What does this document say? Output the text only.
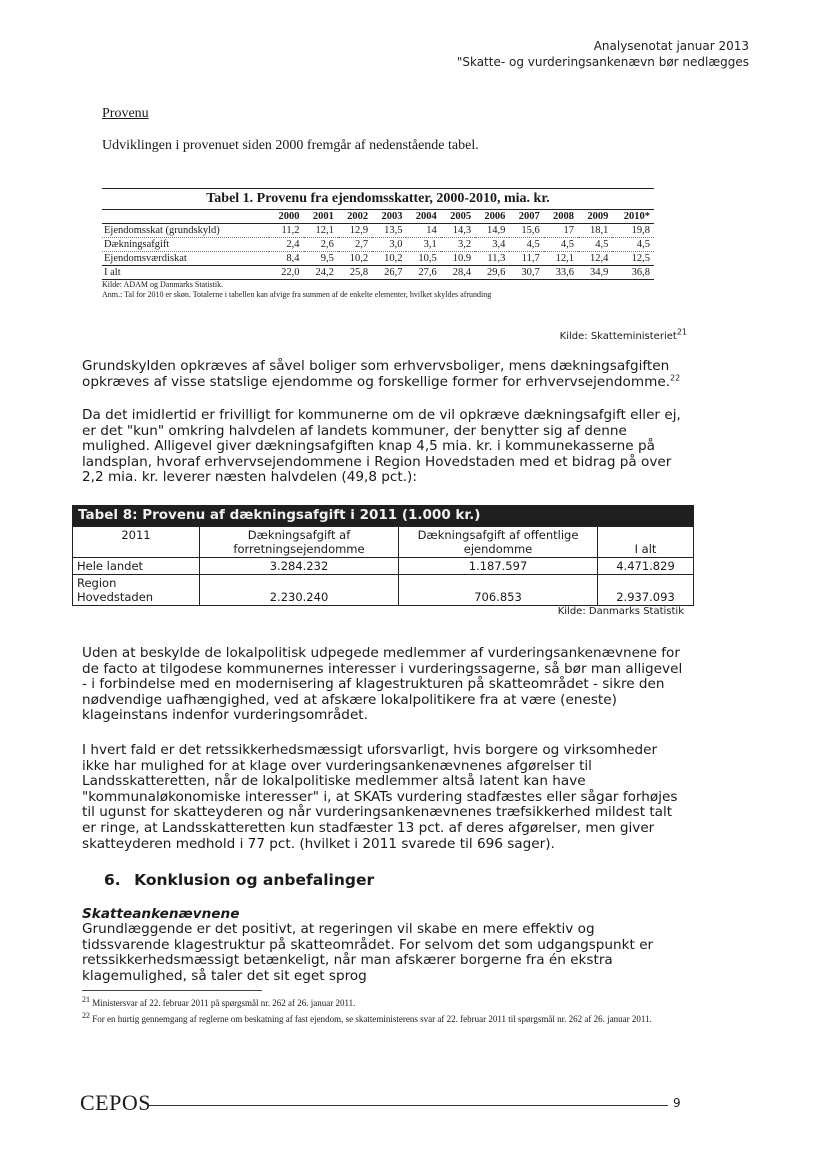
Analysenotat januar 2013
"Skatte- og vurderingsankenævn bør nedlægges
Provenu
Udviklingen i provenuet siden 2000 fremgår af nedenstående tabel.
Tabel 1. Provenu fra ejendomsskatter, 2000-2010, mia. kr.
	2000	2001	2002	2003	2004	2005	2006	2007	2008	2009	2010*
Ejendomsskat (grundskyld)	11,2	12,1	12,9	13,5	14	14,3	14,9	15,6	17	18,1	19,8
Dækningsafgift	2,4	2,6	2,7	3,0	3,1	3,2	3,4	4,5	4,5	4,5	4,5
Ejendomsværdiskat	8,4	9,5	10,2	10,2	10,5	10.9	11,3	11,7	12,1	12,4	12,5
I alt	22,0	24,2	25,8	26,7	27,6	28,4	29,6	30,7	33,6	34,9	36,8
Kilde: ADAM og Danmarks Statistik.
Anm.: Tal for 2010 er skøn. Totalerne i tabellen kan afvige fra summen af de enkelte elementer, hvilket skyldes afrunding
Kilde: Skatteministeriet$^{21}$
Grundskylden opkræves af såvel boliger som erhvervsboliger, mens dækningsafgiften opkræves af visse statslige ejendomme og forskellige former for erhvervsejendomme.$^{22}$
Da det imidlertid er frivilligt for kommunerne om de vil opkræve dækningsafgift eller ej, er det "kun" omkring halvdelen af landets kommuner, der benytter sig af denne mulighed. Alligevel giver dækningsafgiften knap 4,5 mia. kr. i kommunekasserne på landsplan, hvoraf erhvervsejendommene i Region Hovedstaden med et bidrag på over 2,2 mia. kr. leverer næsten halvdelen (49,8 pct.):
Tabel 8: Provenu af dækningsafgift i 2011 (1.000 kr.)
2011	Dækningsafgift af forretningsejendomme	Dækningsafgift af offentlige ejendomme	I alt
Hele landet	3.284.232	1.187.597	4.471.829
Region Hovedstaden	2.230.240	706.853	2.937.093
Kilde: Danmarks Statistik
Uden at beskylde de lokalpolitisk udpegede medlemmer af vurderingsankenævnene for de facto at tilgodese kommunernes interesser i vurderingssagerne, så bør man alligevel - i forbindelse med en modernisering af klagestrukturen på skatteområdet - sikre den nødvendige uafhængighed, ved at afskære lokalpolitikere fra at være (eneste) klageinstans indenfor vurderingsområdet.
I hvert fald er det retssikkerhedsmæssigt uforsvarligt, hvis borgere og virksomheder ikke har mulighed for at klage over vurderingsankenævnenes afgørelser til Landsskatteretten, når de lokalpolitiske medlemmer altså latent kan have "kommunaløkonomiske interesser" i, at SKATs vurdering stadfæstes eller sågar forhøjes til ugunst for skatteyderen og når vurderingsankenævnenes træfsikkerhed mildest talt er ringe, at Landsskatteretten kun stadfæster 13 pct. af deres afgørelser, men giver skatteyderen medhold i 77 pct. (hvilket i 2011 svarede til 696 sager).
6. Konklusion og anbefalinger
Skatteankenævnene
Grundlæggende er det positivt, at regeringen vil skabe en mere effektiv og tidssvarende klagestruktur på skatteområdet. For selvom det som udgangspunkt er retssikkerhedsmæssigt betænkeligt, når man afskærer borgerne fra én ekstra klagemulighed, så taler det sit eget sprog
$^{21}$ Ministersvar af 22. februar 2011 på spørgsmål nr. 262 af 26. januar 2011.
$^{22}$ For en hurtig gennemgang af reglerne om beskatning af fast ejendom, se skatteministerens svar af 22. februar 2011 til spørgsmål nr. 262 af 26. januar 2011.
CEPOS	9
